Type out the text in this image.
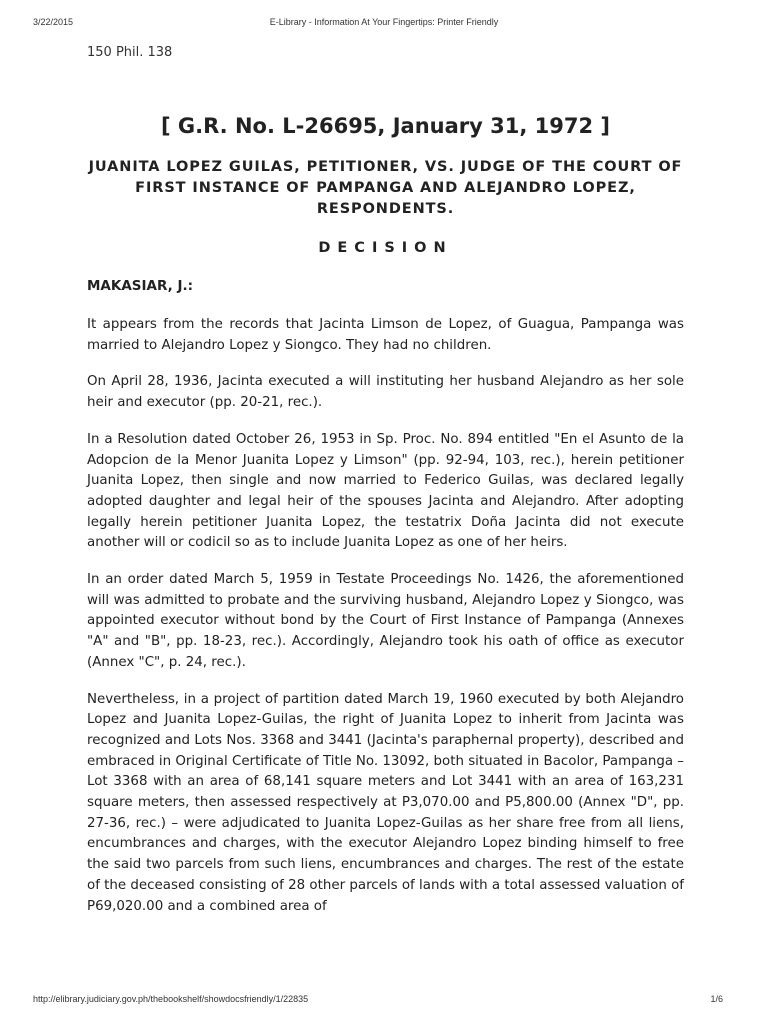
3/22/2015	E-Library - Information At Your Fingertips: Printer Friendly

150 Phil. 138

[ G.R. No. L-26695, January 31, 1972 ]
JUANITA LOPEZ GUILAS, PETITIONER, VS. JUDGE OF THE COURT OF FIRST INSTANCE OF PAMPANGA AND ALEJANDRO LOPEZ, RESPONDENTS.
DECISION

MAKASIAR, J.:

It appears from the records that Jacinta Limson de Lopez, of Guagua, Pampanga was married to Alejandro Lopez y Siongco. They had no children.

On April 28, 1936, Jacinta executed a will instituting her husband Alejandro as her sole heir and executor (pp. 20-21, rec.).

In a Resolution dated October 26, 1953 in Sp. Proc. No. 894 entitled "En el Asunto de la Adopcion de la Menor Juanita Lopez y Limson" (pp. 92-94, 103, rec.), herein petitioner Juanita Lopez, then single and now married to Federico Guilas, was declared legally adopted daughter and legal heir of the spouses Jacinta and Alejandro. After adopting legally herein petitioner Juanita Lopez, the testatrix Doña Jacinta did not execute another will or codicil so as to include Juanita Lopez as one of her heirs.

In an order dated March 5, 1959 in Testate Proceedings No. 1426, the aforementioned will was admitted to probate and the surviving husband, Alejandro Lopez y Siongco, was appointed executor without bond by the Court of First Instance of Pampanga (Annexes "A" and "B", pp. 18-23, rec.). Accordingly, Alejandro took his oath of office as executor (Annex "C", p. 24, rec.).

Nevertheless, in a project of partition dated March 19, 1960 executed by both Alejandro Lopez and Juanita Lopez-Guilas, the right of Juanita Lopez to inherit from Jacinta was recognized and Lots Nos. 3368 and 3441 (Jacinta's paraphernal property), described and embraced in Original Certificate of Title No. 13092, both situated in Bacolor, Pampanga – Lot 3368 with an area of 68,141 square meters and Lot 3441 with an area of 163,231 square meters, then assessed respectively at P3,070.00 and P5,800.00 (Annex "D", pp. 27-36, rec.) – were adjudicated to Juanita Lopez-Guilas as her share free from all liens, encumbrances and charges, with the executor Alejandro Lopez binding himself to free the said two parcels from such liens, encumbrances and charges. The rest of the estate of the deceased consisting of 28 other parcels of lands with a total assessed valuation of P69,020.00 and a combined area of

http://elibrary.judiciary.gov.ph/thebookshelf/showdocsfriendly/1/22835	1/6
